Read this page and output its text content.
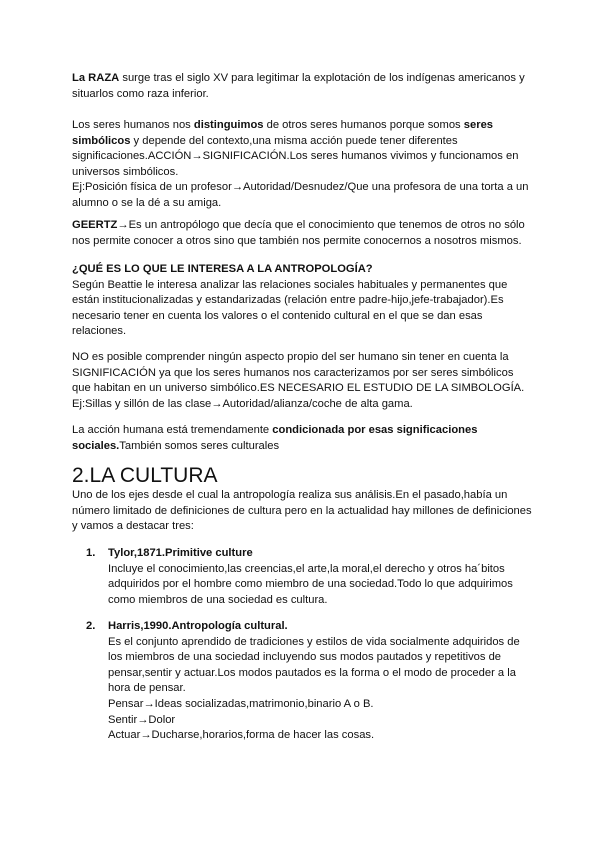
La RAZA surge tras el siglo XV para legitimar la explotación de los indígenas americanos y situarlos como raza inferior.

Los seres humanos nos distinguimos de otros seres humanos porque somos seres simbólicos y depende del contexto,una misma acción puede tener diferentes significaciones.ACCIÓN→SIGNIFICACIÓN.Los seres humanos vivimos y funcionamos en universos simbólicos.
Ej:Posición física de un profesor→Autoridad/Desnudez/Que una profesora de una torta a un alumno o se la dé a su amiga.

GEERTZ→Es un antropólogo que decía que el conocimiento que tenemos de otros no sólo nos permite conocer a otros sino que también nos permite conocernos a nosotros mismos.

¿QUÉ ES LO QUE LE INTERESA A LA ANTROPOLOGÍA?
Según Beattie le interesa analizar las relaciones sociales habituales y permanentes que están institucionalizadas y estandarizadas (relación entre padre-hijo,jefe-trabajador).Es necesario tener en cuenta los valores o el contenido cultural en el que se dan esas relaciones.

NO es posible comprender ningún aspecto propio del ser humano sin tener en cuenta la SIGNIFICACIÓN ya que los seres humanos nos caracterizamos por ser seres simbólicos que habitan en un universo simbólico.ES NECESARIO EL ESTUDIO DE LA SIMBOLOGÍA.
Ej:Sillas y sillón de las clase→Autoridad/alianza/coche de alta gama.

La acción humana está tremendamente condicionada por esas significaciones sociales.También somos seres culturales

2.LA CULTURA

Uno de los ejes desde el cual la antropología realiza sus análisis.En el pasado,había un número limitado de definiciones de cultura pero en la actualidad hay millones de definiciones y vamos a destacar tres:

1. Tylor,1871.Primitive culture

Incluye el conocimiento,las creencias,el arte,la moral,el derecho y otros ha´bitos adquiridos por el hombre como miembro de una sociedad.Todo lo que adquirimos como miembros de una sociedad es cultura.

2. Harris,1990.Antropología cultural.
Es el conjunto aprendido de tradiciones y estilos de vida socialmente adquiridos de los miembros de una sociedad incluyendo sus modos pautados y repetitivos de pensar,sentir y actuar.Los modos pautados es la forma o el modo de proceder a la hora de pensar.
Pensar→Ideas socializadas,matrimonio,binario A o B.
Sentir→Dolor
Actuar→Ducharse,horarios,forma de hacer las cosas.
